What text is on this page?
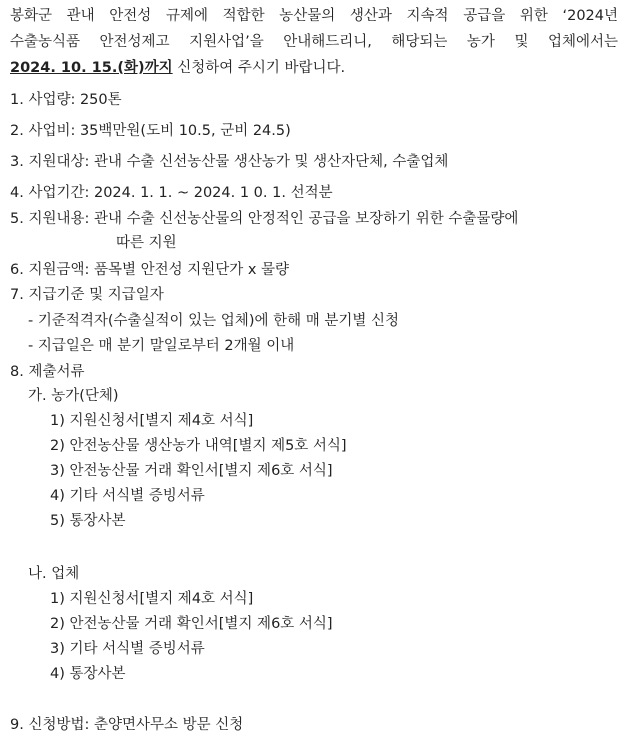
봉화군 관내 안전성 규제에 적합한 농산물의 생산과 지속적 공급을 위한 ‘2024년
수출농식품 안전성제고 지원사업’을 안내해드리니, 해당되는 농가 및 업체에서는
2024. 10. 15.(화)까지 신청하여 주시기 바랍니다.
1. 사업량: 250톤
2. 사업비: 35백만원(도비 10.5, 군비 24.5)
3. 지원대상: 관내 수출 신선농산물 생산농가 및 생산자단체, 수출업체
4. 사업기간: 2024. 1. 1. ~ 2024. 1 0. 1. 선적분
5. 지원내용: 관내 수출 신선농산물의 안정적인 공급을 보장하기 위한 수출물량에
따른 지원
6. 지원금액: 품목별 안전성 지원단가 x 물량
7. 지급기준 및 지급일자
- 기준적격자(수출실적이 있는 업체)에 한해 매 분기별 신청
- 지급일은 매 분기 말일로부터 2개월 이내
8. 제출서류
가. 농가(단체)
1) 지원신청서[별지 제4호 서식]
2) 안전농산물 생산농가 내역[별지 제5호 서식]
3) 안전농산물 거래 확인서[별지 제6호 서식]
4) 기타 서식별 증빙서류
5) 통장사본
나. 업체
1) 지원신청서[별지 제4호 서식]
2) 안전농산물 거래 확인서[별지 제6호 서식]
3) 기타 서식별 증빙서류
4) 통장사본
9. 신청방법: 춘양면사무소 방문 신청
